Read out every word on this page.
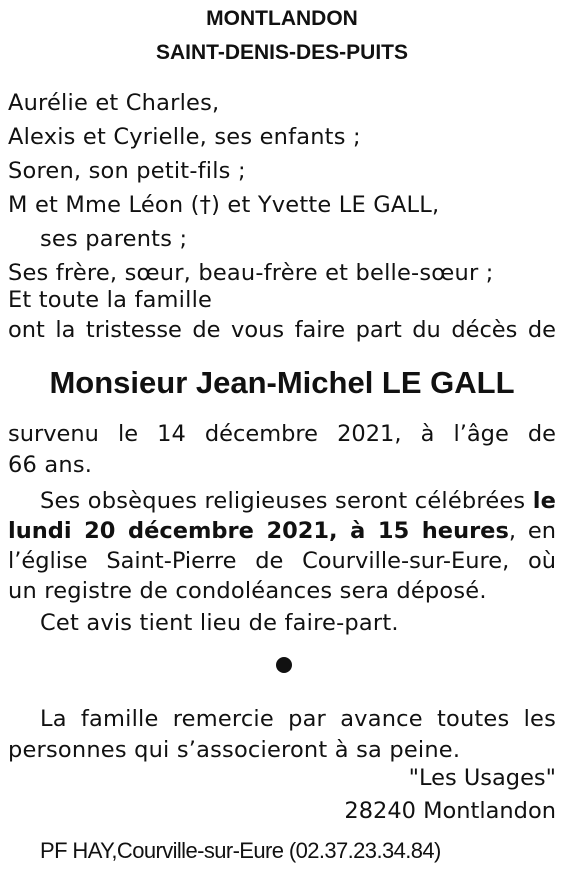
MONTLANDON
SAINT-DENIS-DES-PUITS
Aurélie et Charles,
Alexis et Cyrielle, ses enfants ;
Soren, son petit-fils ;
M et Mme Léon (†) et Yvette LE GALL,
ses parents ;
Ses frère, sœur, beau-frère et belle-sœur ;
Et toute la famille
ont la tristesse de vous faire part du décès de
Monsieur Jean-Michel LE GALL
survenu le 14 décembre 2021, à l’âge de
66 ans.
Ses obsèques religieuses seront célébrées le
lundi 20 décembre 2021, à 15 heures, en
l’église Saint-Pierre de Courville-sur-Eure, où
un registre de condoléances sera déposé.
Cet avis tient lieu de faire-part.
La famille remercie par avance toutes les
personnes qui s’associeront à sa peine.
"Les Usages"
28240 Montlandon
PF HAY,Courville-sur-Eure (02.37.23.34.84)
